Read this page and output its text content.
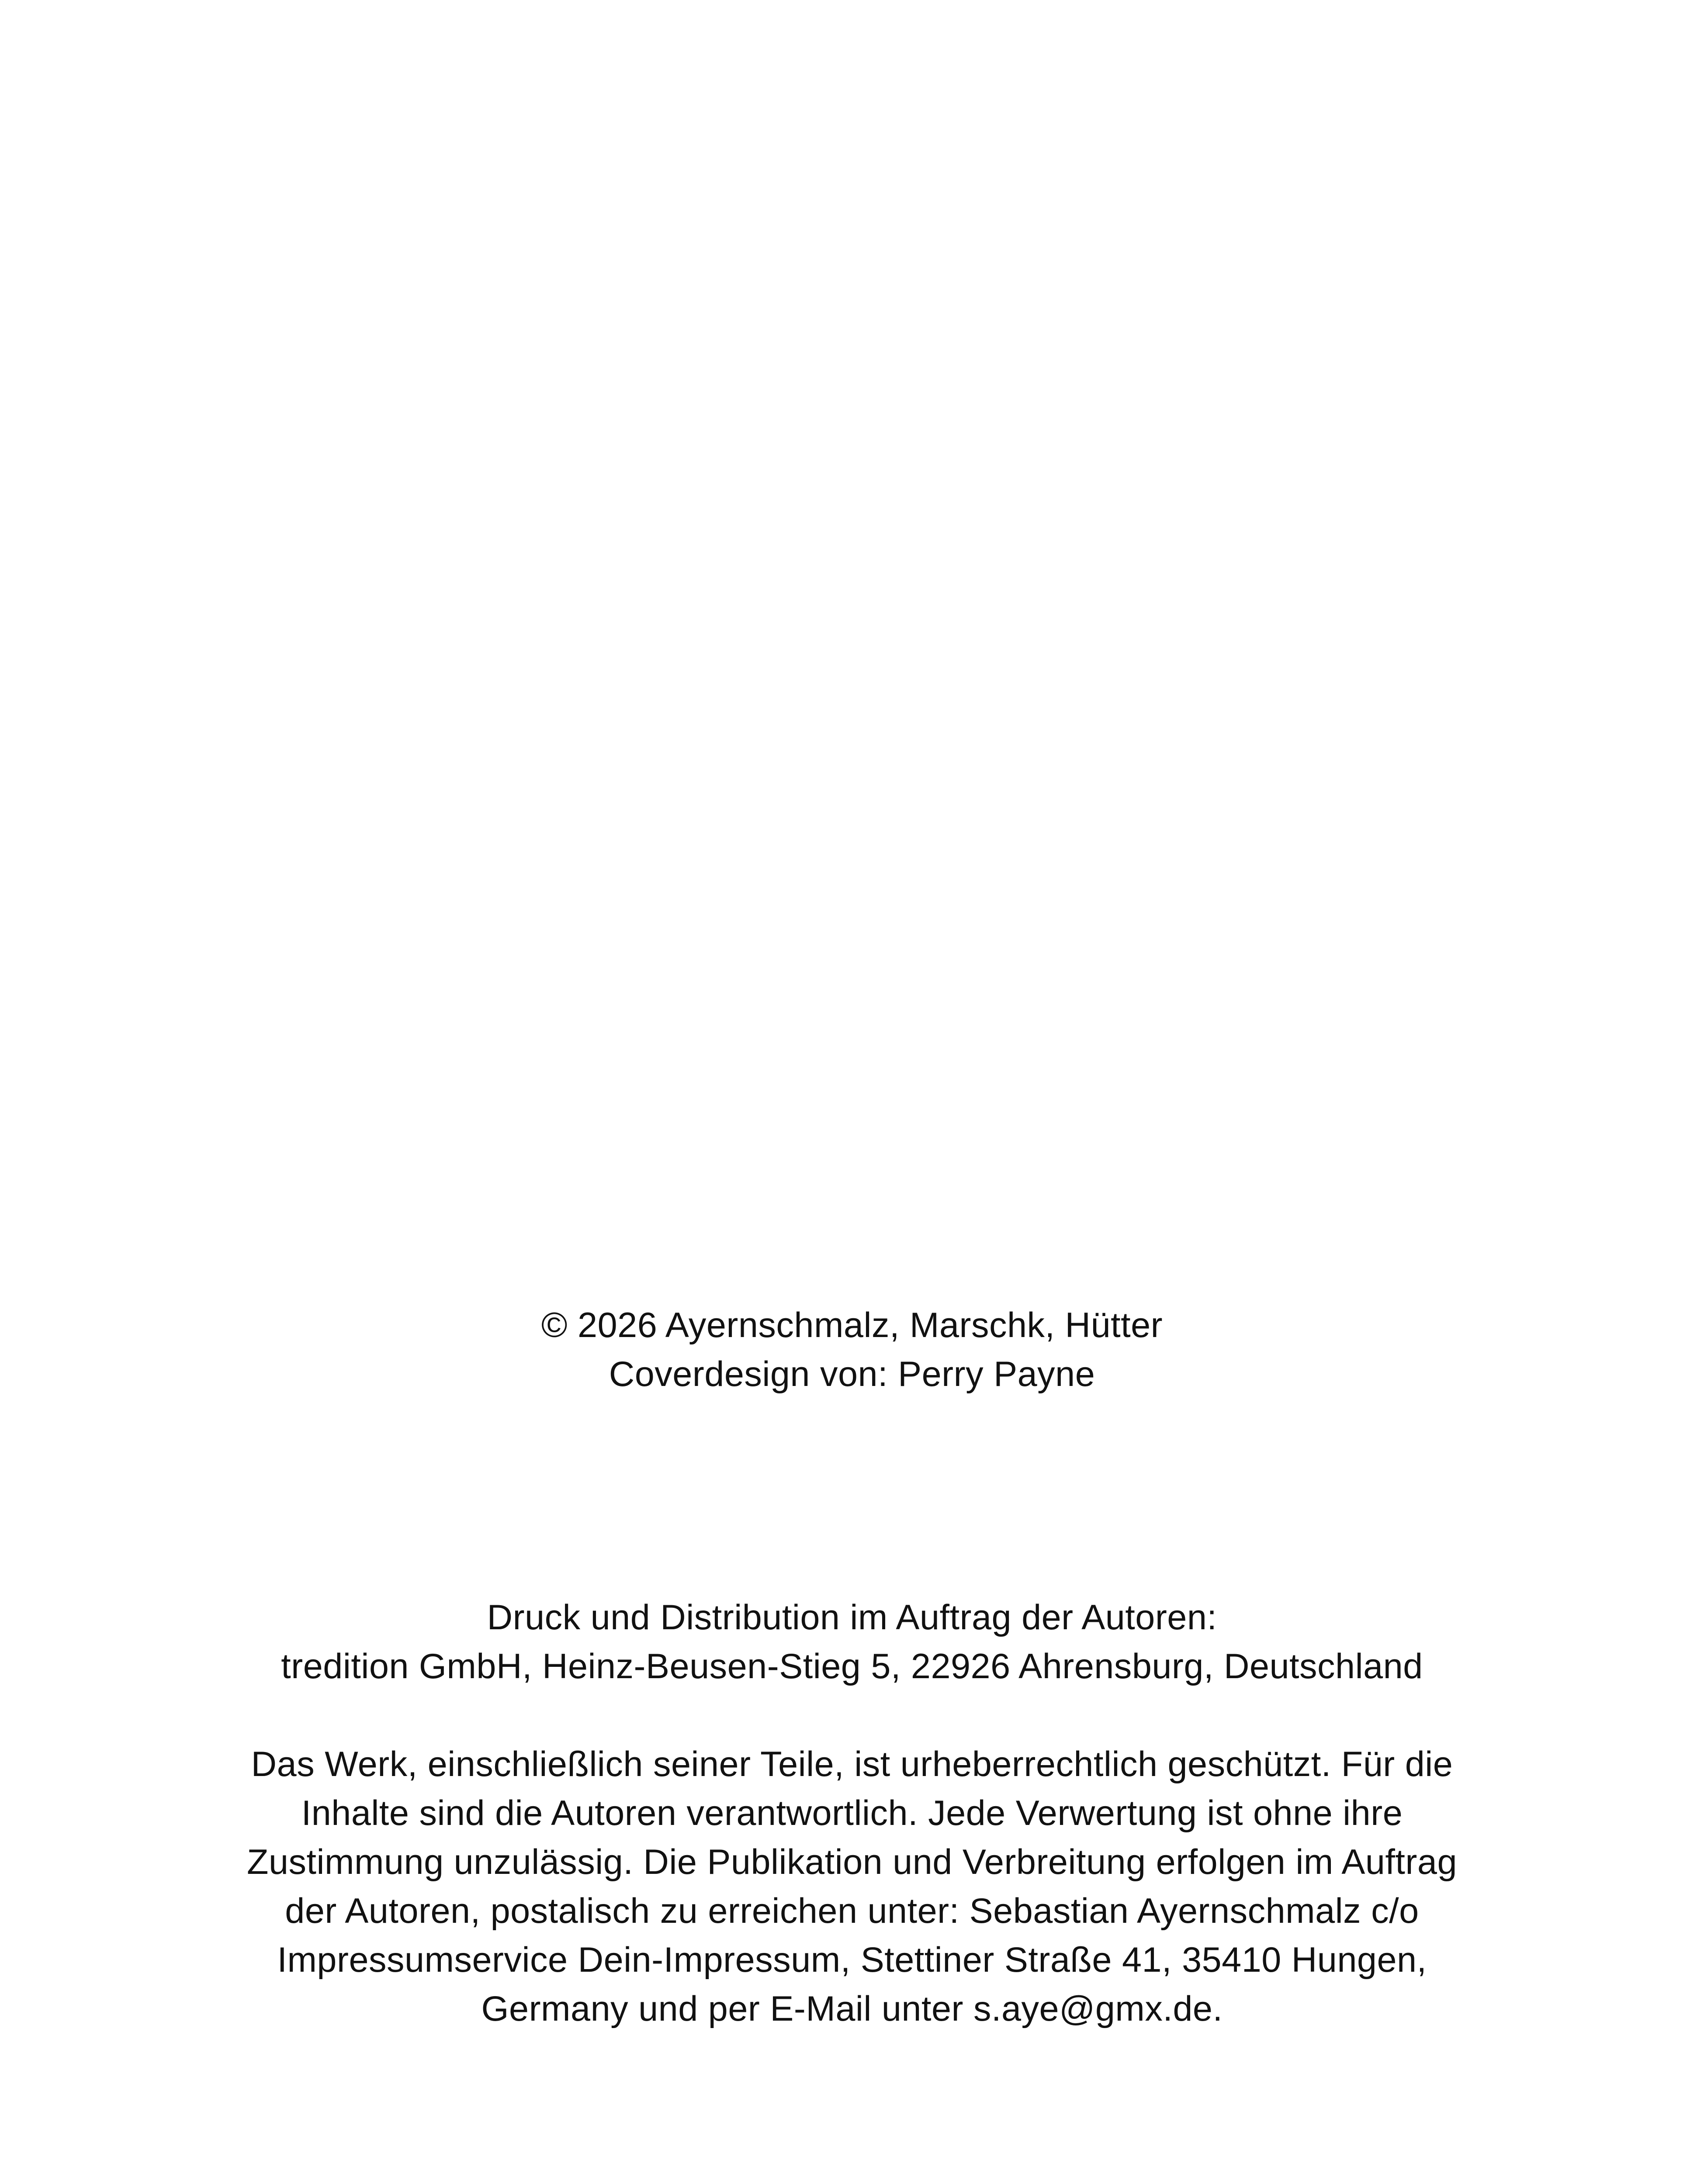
© 2026 Ayernschmalz, Marschk, Hütter
Coverdesign von: Perry Payne
Druck und Distribution im Auftrag der Autoren:
tredition GmbH, Heinz-Beusen-Stieg 5, 22926 Ahrensburg, Deutschland
Das Werk, einschließlich seiner Teile, ist urheberrechtlich geschützt. Für die
Inhalte sind die Autoren verantwortlich. Jede Verwertung ist ohne ihre
Zustimmung unzulässig. Die Publikation und Verbreitung erfolgen im Auftrag
der Autoren, postalisch zu erreichen unter: Sebastian Ayernschmalz c/o
Impressumservice Dein-Impressum, Stettiner Straße 41, 35410 Hungen,
Germany und per E-Mail unter s.aye@gmx.de.
